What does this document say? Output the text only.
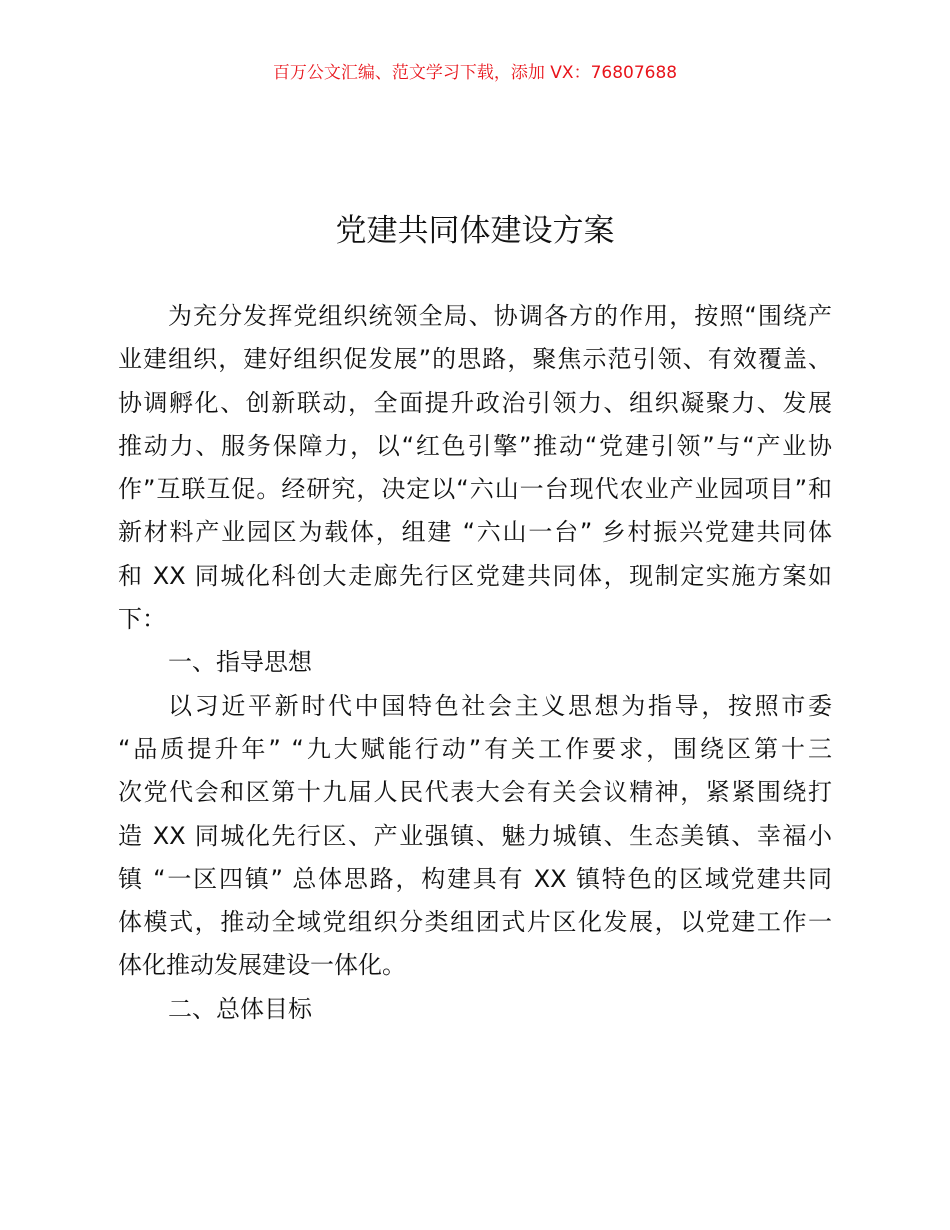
百万公文汇编、范文学习下载，添加 VX：76807688
党建共同体建设方案
为充分发挥党组织统领全局、协调各方的作用，按照“围绕产
业建组织，建好组织促发展”的思路，聚焦示范引领、有效覆盖、
协调孵化、创新联动，全面提升政治引领力、组织凝聚力、发展
推动力、服务保障力，以“红色引擎”推动“党建引领”与“产业协
作”互联互促。经研究，决定以“六山一台现代农业产业园项目”和
新材料产业园区为载体，组建 “六山一台” 乡村振兴党建共同体
和 XX 同城化科创大走廊先行区党建共同体，现制定实施方案如
下：
一、指导思想
以习近平新时代中国特色社会主义思想为指导，按照市委
“品质提升年” “九大赋能行动”有关工作要求，围绕区第十三
次党代会和区第十九届人民代表大会有关会议精神，紧紧围绕打
造 XX 同城化先行区、产业强镇、魅力城镇、生态美镇、幸福小
镇 “一区四镇” 总体思路，构建具有 XX 镇特色的区域党建共同
体模式，推动全域党组织分类组团式片区化发展，以党建工作一
体化推动发展建设一体化。
二、总体目标
